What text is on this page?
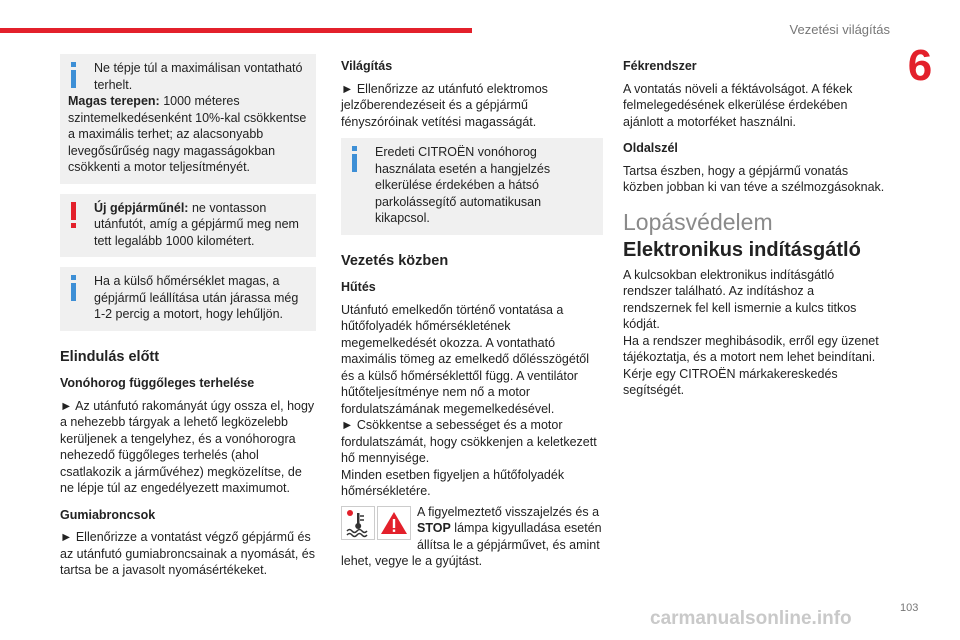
Vezetési világítás
6

Ne tépje túl a maximálisan vontatható terhelt.

Magas terepen: 1000 méteres szintemelkedésenként 10%-kal csökkentse a maximális terhet; az alacsonyabb levegősűrűség nagy magasságokban csökkenti a motor teljesítményét.

Új gépjárműnél: ne vontasson utánfutót, amíg a gépjármű meg nem tett legalább 1000 kilométert.

Ha a külső hőmérséklet magas, a gépjármű leállítása után járassa még 1-2 percig a motort, hogy lehűljön.

Elindulás előtt
Vonóhorog függőleges terhelése

► Az utánfutó rakományát úgy ossza el, hogy a nehezebb tárgyak a lehető legközelebb kerüljenek a tengelyhez, és a vonóhorogra nehezedő függőleges terhelés (ahol csatlakozik a járművéhez) megközelítse, de ne lépje túl az engedélyezett maximumot.

Gumiabroncsok

► Ellenőrizze a vontatást végző gépjármű és az utánfutó gumiabroncsainak a nyomását, és tartsa be a javasolt nyomásértékeket.

Világítás

► Ellenőrizze az utánfutó elektromos jelzőberendezéseit és a gépjármű fényszóróinak vetítési magasságát.

Eredeti CITROËN vonóhorog használata esetén a hangjelzés elkerülése érdekében a hátsó parkolássegítő automatikusan kikapcsol.

Vezetés közben
Hűtés

Utánfutó emelkedőn történő vontatása a hűtőfolyadék hőmérsékletének megemelkedését okozza. A vontatható maximális tömeg az emelkedő dőlésszögétől és a külső hőmérséklettől függ. A ventilátor hűtőteljesítménye nem nő a motor fordulatszámának megemelkedésével.

► Csökkentse a sebességet és a motor fordulatszámát, hogy csökkenjen a keletkezett hő mennyisége.

Minden esetben figyeljen a hűtőfolyadék hőmérsékletére.

A figyelmeztető visszajelzés és a STOP lámpa kigyulladása esetén állítsa le a gépjárművet, és amint lehet, vegye le a gyújtást.

Fékrendszer

A vontatás növeli a féktávolságot. A fékek felmelegedésének elkerülése érdekében ajánlott a motorféket használni.

Oldalszél

Tartsa észben, hogy a gépjármű vonatás közben jobban ki van téve a szélmozgásoknak.

Lopásvédelem
Elektronikus indításgátló

A kulcsokban elektronikus indításgátló rendszer található. Az indításhoz a rendszernek fel kell ismernie a kulcs titkos kódját.

Ha a rendszer meghibásodik, erről egy üzenet tájékoztatja, és a motort nem lehet beindítani.

Kérje egy CITROËN márkakereskedés segítségét.

carmanualsonline.info	103
